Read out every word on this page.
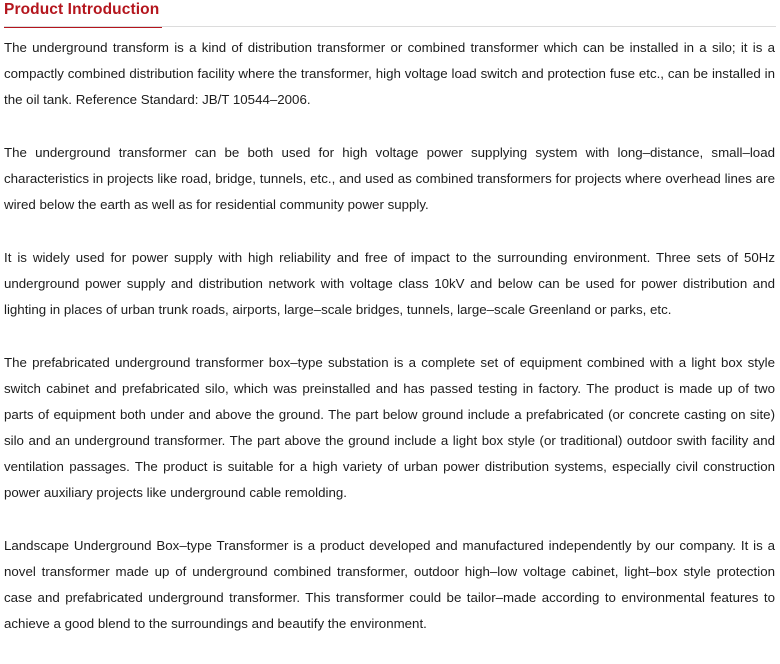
Product Introduction

The underground transform is a kind of distribution transformer or combined transformer which can be installed in a silo; it is a compactly combined distribution facility where the transformer, high voltage load switch and protection fuse etc., can be installed in the oil tank. Reference Standard: JB/T 10544–2006.

The underground transformer can be both used for high voltage power supplying system with long–distance, small–load characteristics in projects like road, bridge, tunnels, etc., and used as combined transformers for projects where overhead lines are wired below the earth as well as for residential community power supply.

It is widely used for power supply with high reliability and free of impact to the surrounding environment. Three sets of 50Hz underground power supply and distribution network with voltage class 10kV and below can be used for power distribution and lighting in places of urban trunk roads, airports, large–scale bridges, tunnels, large–scale Greenland or parks, etc.

The prefabricated underground transformer box–type substation is a complete set of equipment combined with a light box style switch cabinet and prefabricated silo, which was preinstalled and has passed testing in factory. The product is made up of two parts of equipment both under and above the ground. The part below ground include a prefabricated (or concrete casting on site) silo and an underground transformer. The part above the ground include a light box style (or traditional) outdoor swith facility and ventilation passages. The product is suitable for a high variety of urban power distribution systems, especially civil construction power auxiliary projects like underground cable remolding.

Landscape Underground Box–type Transformer is a product developed and manufactured independently by our company. It is a novel transformer made up of underground combined transformer, outdoor high–low voltage cabinet, light–box style protection case and prefabricated underground transformer. This transformer could be tailor–made according to environmental features to achieve a good blend to the surroundings and beautify the environment.
